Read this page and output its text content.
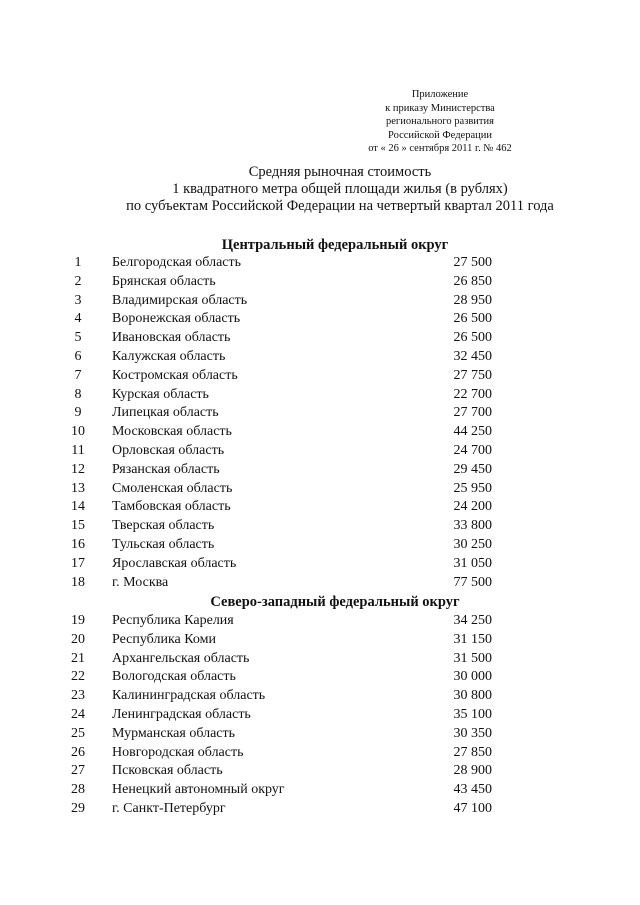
Приложение
к приказу Министерства
регионального развития
Российской Федерации
от « 26 » сентября 2011 г. № 462
Средняя рыночная стоимость
1 квадратного метра общей площади жилья (в рублях)
по субъектам Российской Федерации на четвертый квартал 2011 года
Центральный федеральный округ
1	Белгородская область	27 500
2	Брянская область	26 850
3	Владимирская область	28 950
4	Воронежская область	26 500
5	Ивановская область	26 500
6	Калужская область	32 450
7	Костромская область	27 750
8	Курская область	22 700
9	Липецкая область	27 700
10	Московская область	44 250
11	Орловская область	24 700
12	Рязанская область	29 450
13	Смоленская область	25 950
14	Тамбовская область	24 200
15	Тверская область	33 800
16	Тульская область	30 250
17	Ярославская область	31 050
18	г. Москва	77 500
Северо-западный федеральный округ
19	Республика Карелия	34 250
20	Республика Коми	31 150
21	Архангельская область	31 500
22	Вологодская область	30 000
23	Калининградская область	30 800
24	Ленинградская область	35 100
25	Мурманская область	30 350
26	Новгородская область	27 850
27	Псковская область	28 900
28	Ненецкий автономный округ	43 450
29	г. Санкт-Петербург	47 100
